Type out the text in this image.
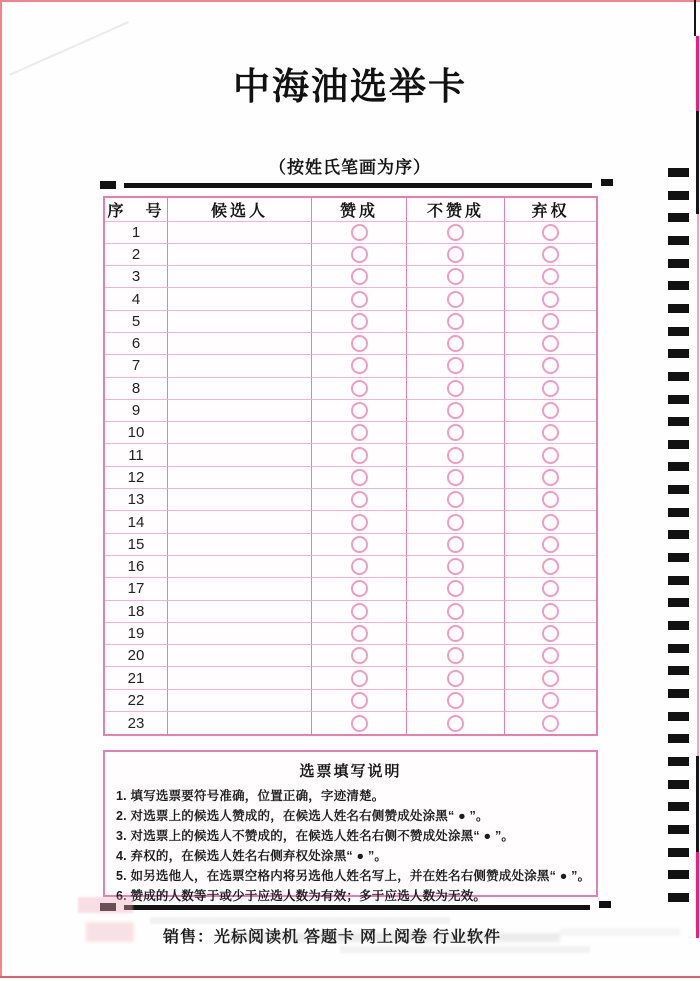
中海油选举卡
（按姓氏笔画为序）
序　号	候选人	赞成	不赞成	弃权
1
2
3
4
5
6
7
8
9
10
11
12
13
14
15
16
17
18
19
20
21
22
23
选票填写说明
1. 填写选票要符号准确，位置正确，字迹清楚。
2. 对选票上的候选人赞成的，在候选人姓名右侧赞成处涂黑“ ● ”。
3. 对选票上的候选人不赞成的，在候选人姓名右侧不赞成处涂黑“ ● ”。
4. 弃权的，在候选人姓名右侧弃权处涂黑“ ● ”。
5. 如另选他人，在选票空格内将另选他人姓名写上，并在姓名右侧赞成处涂黑“ ● ”。
6. 赞成的人数等于或少于应选人数为有效；多于应选人数为无效。
销售：光标阅读机 答题卡 网上阅卷 行业软件
